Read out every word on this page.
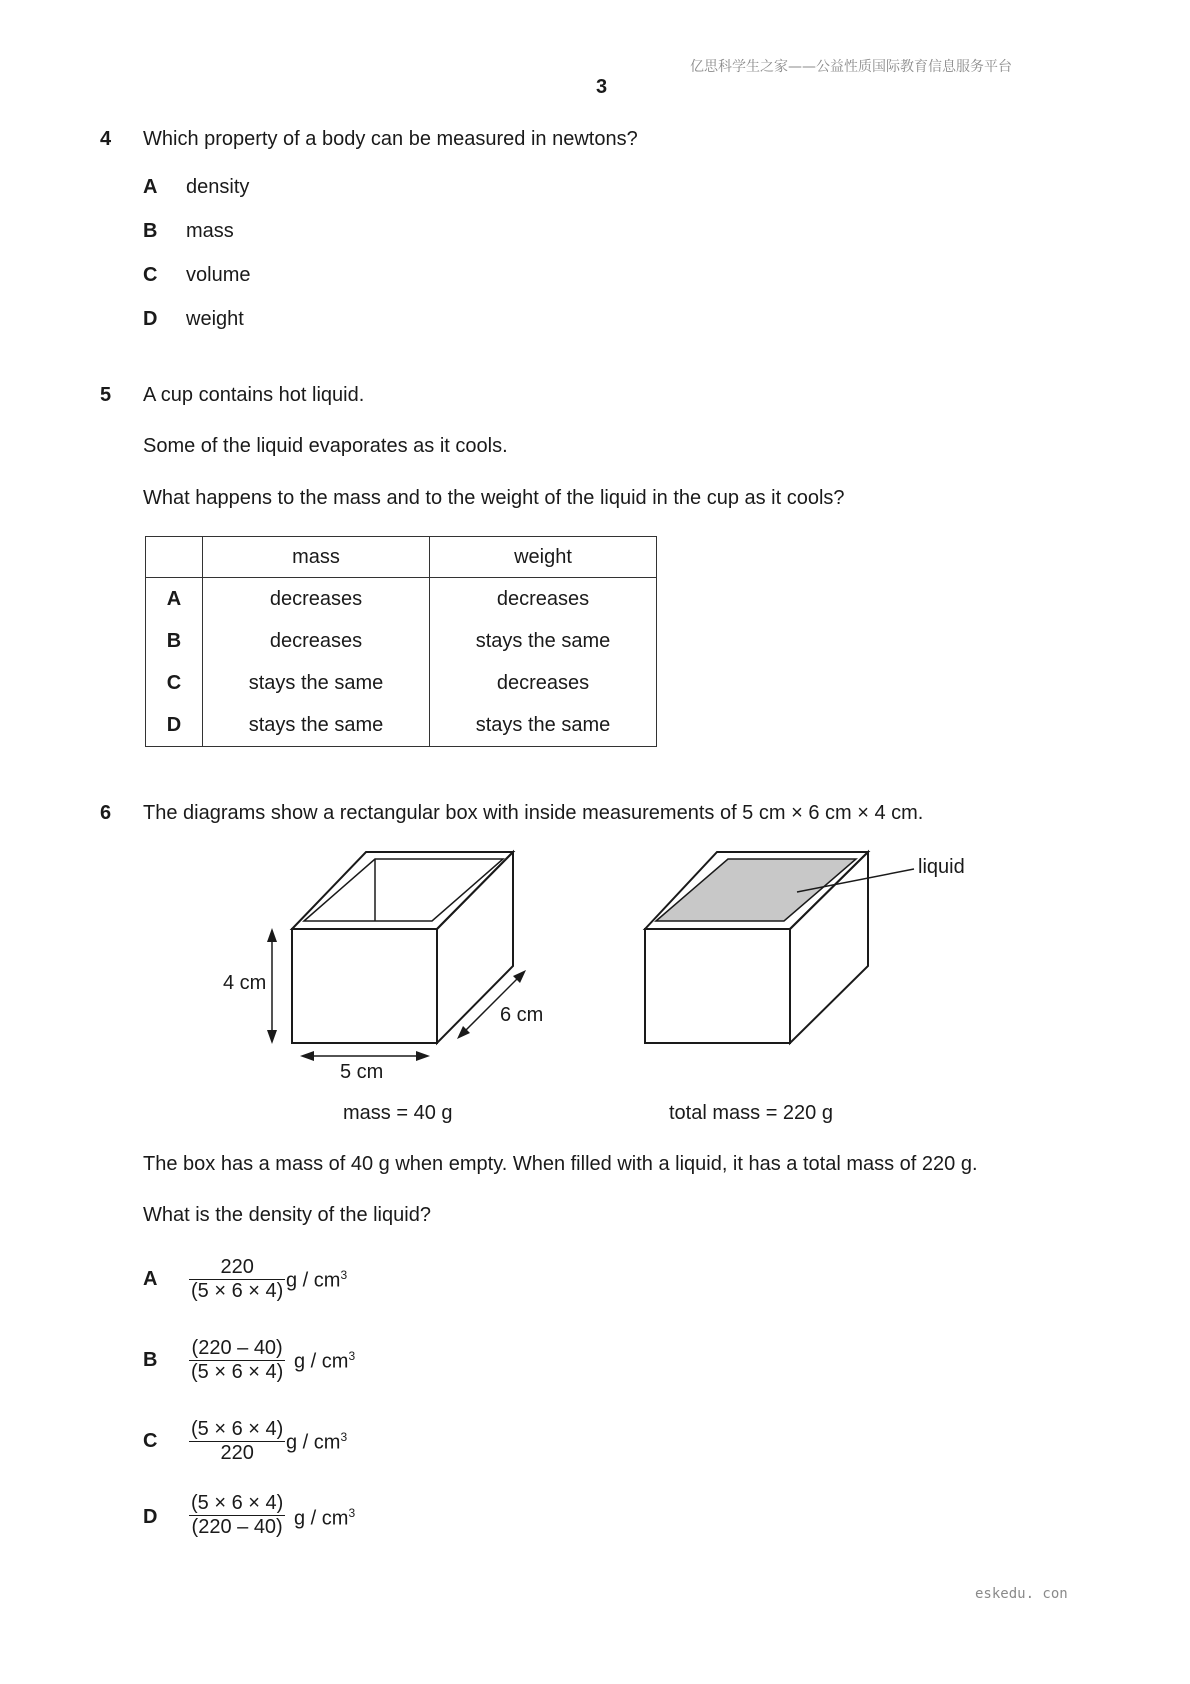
亿思科学生之家——公益性质国际教育信息服务平台
3
4 Which property of a body can be measured in newtons?
A density
B mass
C volume
D weight
5 A cup contains hot liquid.
Some of the liquid evaporates as it cools.
What happens to the mass and to the weight of the liquid in the cup as it cools?
	mass	weight
A	decreases	decreases
B	decreases	stays the same
C	stays the same	decreases
D	stays the same	stays the same
6 The diagrams show a rectangular box with inside measurements of 5 cm × 6 cm × 4 cm.
4 cm
5 cm
6 cm
liquid
mass = 40 g	total mass = 220 g
The box has a mass of 40 g when empty. When filled with a liquid, it has a total mass of 220 g.
What is the density of the liquid?
A $\frac{220}{(5 \times 6 \times 4)}$ g / $cm^3$
B $\frac{(220 - 40)}{(5 \times 6 \times 4)}$ g / $cm^3$
C $\frac{(5 \times 6 \times 4)}{220}$ g / $cm^3$
D $\frac{(5 \times 6 \times 4)}{(220 - 40)}$ g / $cm^3$
eskedu. con
